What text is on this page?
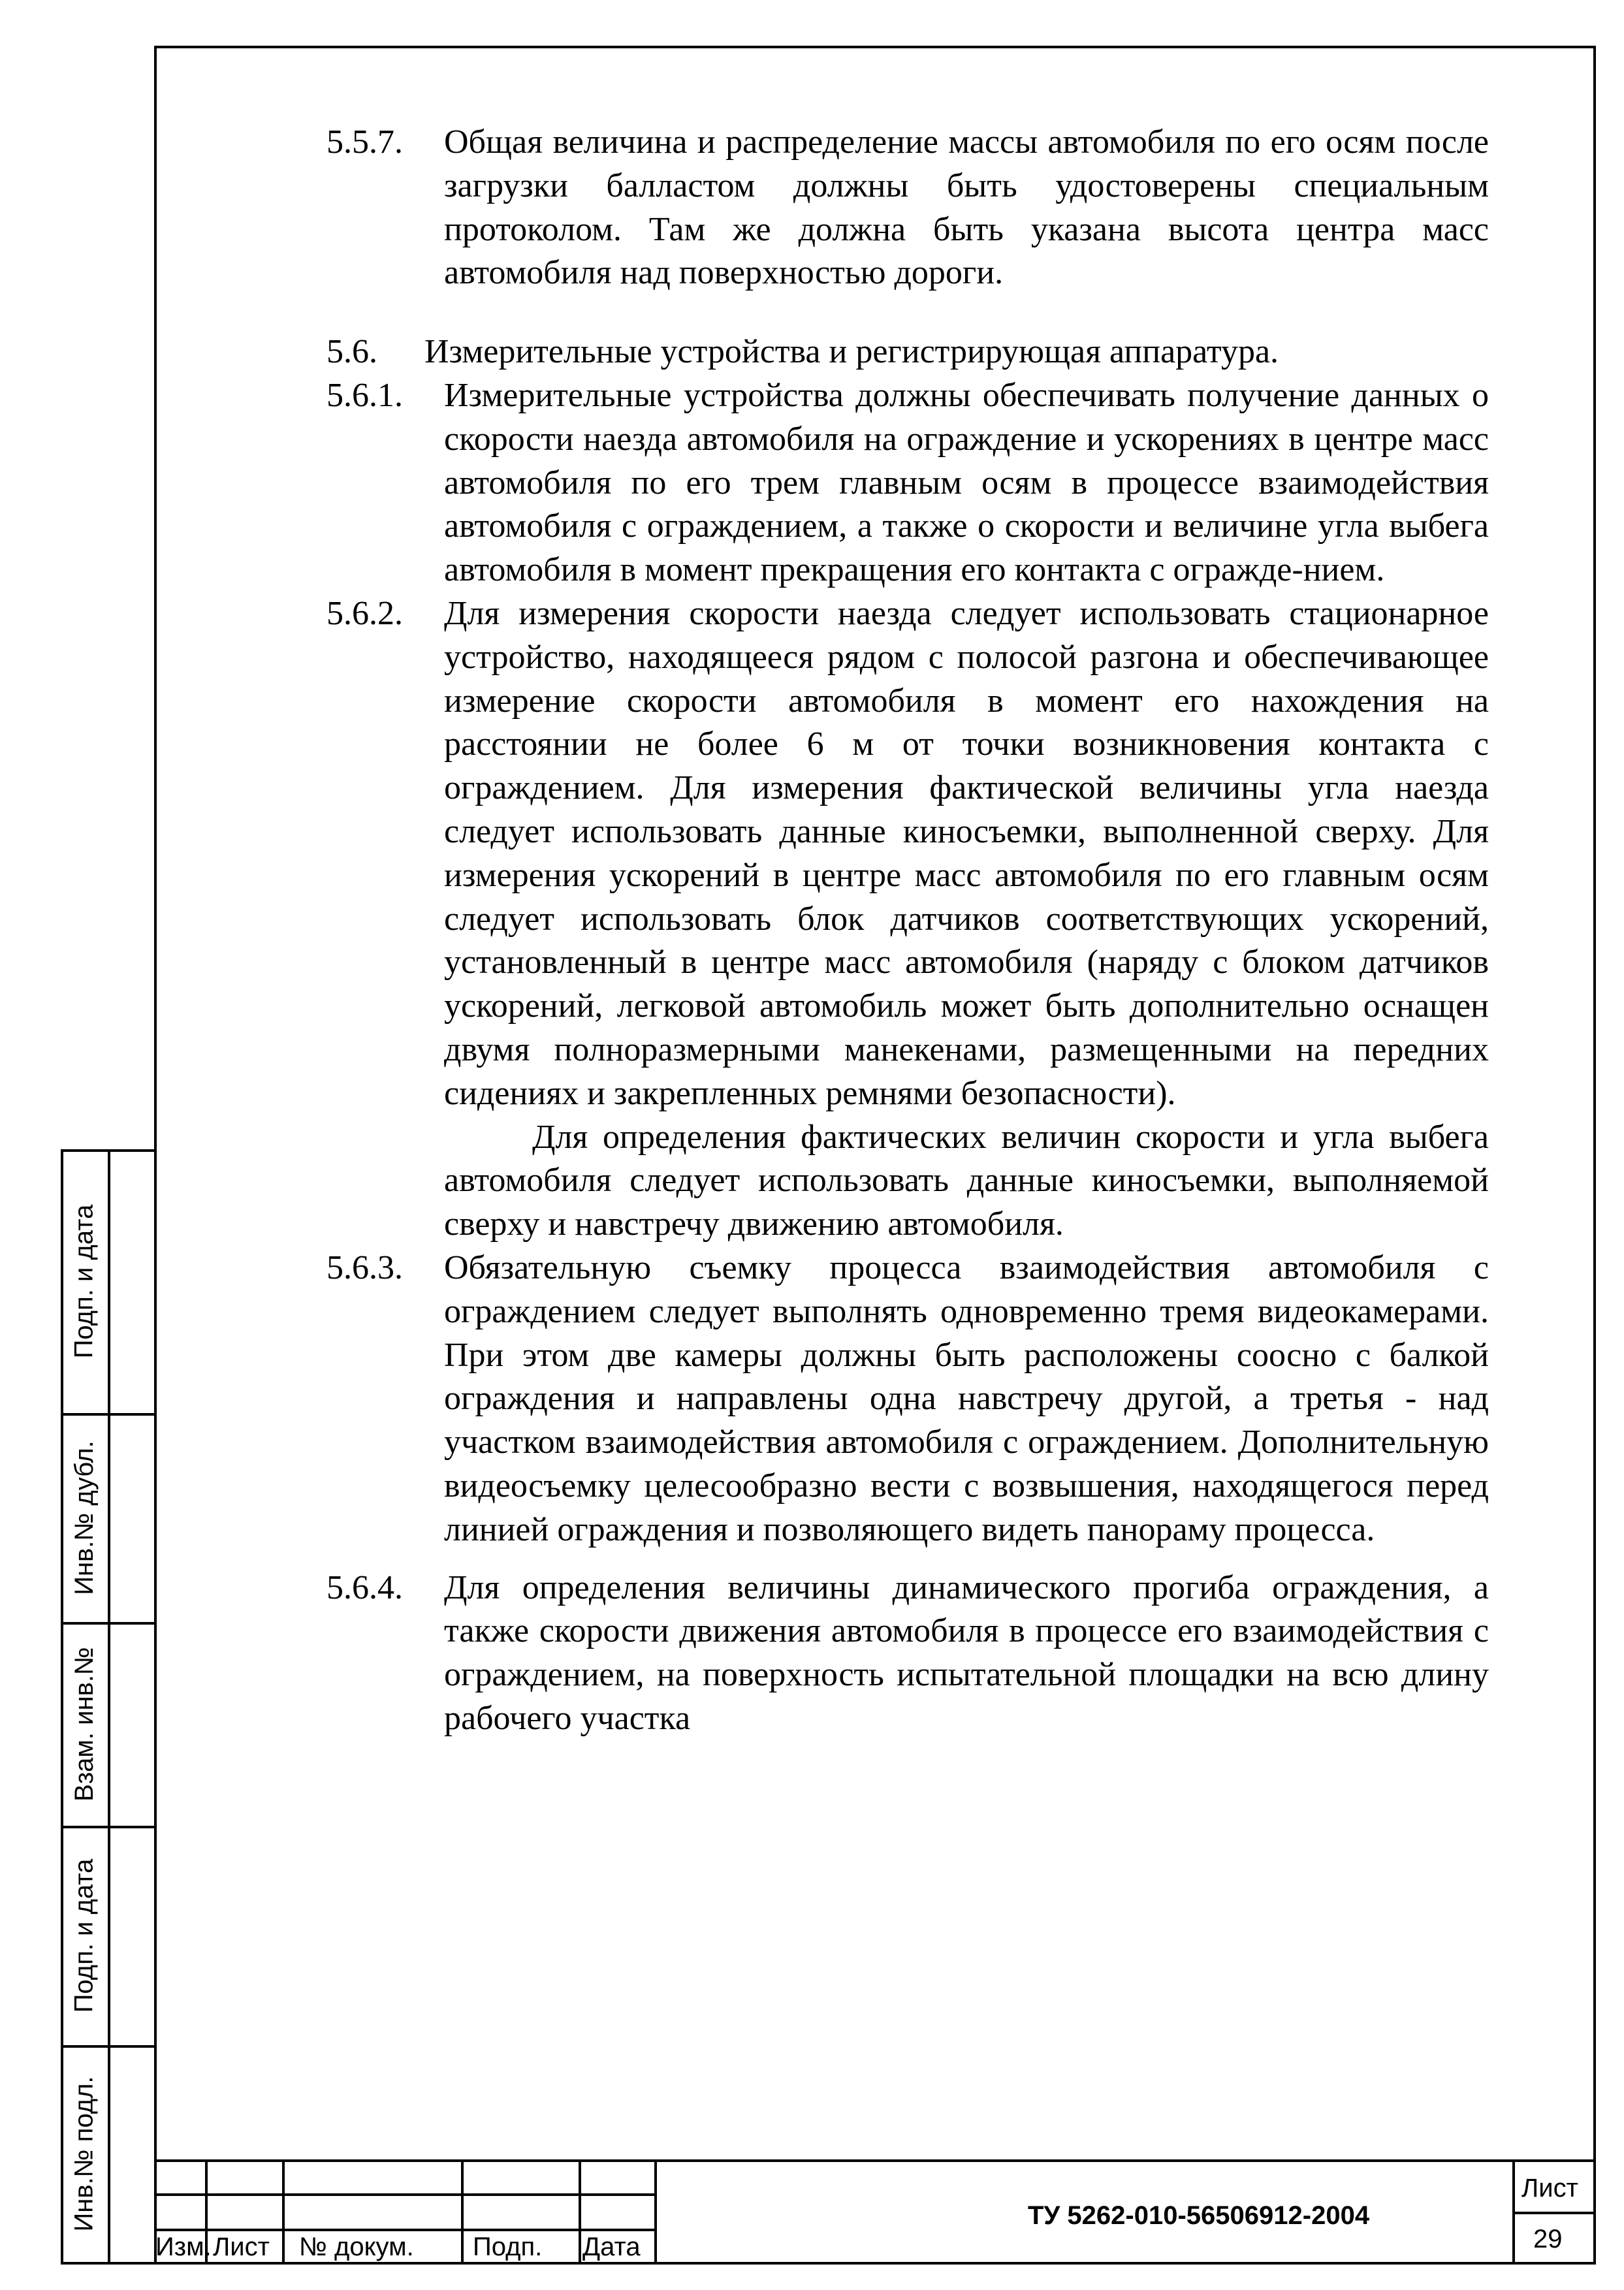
5.5.7. Общая величина и распределение массы автомобиля по его осям после загрузки балластом должны быть удостоверены специальным протоколом. Там же должна быть указана высота центра масс автомобиля над поверхностью дороги.
5.6. Измерительные устройства и регистрирующая аппаратура.
5.6.1. Измерительные устройства должны обеспечивать получение данных о скорости наезда автомобиля на ограждение и ускорениях в центре масс автомобиля по его трем главным осям в процессе взаимодействия автомобиля с ограждением, а также о скорости и величине угла выбега автомобиля в момент прекращения его контакта с огражде-нием.
5.6.2. Для измерения скорости наезда следует использовать стационарное устройство, находящееся рядом с полосой разгона и обеспечивающее измерение скорости автомобиля в момент его нахождения на расстоянии не более 6 м от точки возникновения контакта с ограждением. Для измерения фактической величины угла наезда следует использовать данные киносъемки, выполненной сверху. Для измерения ускорений в центре масс автомобиля по его главным осям следует использовать блок датчиков соответствующих ускорений, установленный в центре масс автомобиля (наряду с блоком датчиков ускорений, легковой автомобиль может быть дополнительно оснащен двумя полноразмерными манекенами, размещенными на передних сидениях и закрепленных ремнями безопасности).

Для определения фактических величин скорости и угла выбега автомобиля следует использовать данные киносъемки, выполняемой сверху и навстречу движению автомобиля.

5.6.3. Обязательную съемку процесса взаимодействия автомобиля с ограждением следует выполнять одновременно тремя видеокамерами. При этом две камеры должны быть расположены соосно с балкой ограждения и направлены одна навстречу другой, а третья - над участком взаимодействия автомобиля с ограждением. Дополнительную видеосъемку целесообразно вести с возвышения, находящегося перед линией ограждения и позволяющего видеть панораму процесса.
5.6.4. Для определения величины динамического прогиба ограждения, а также скорости движения автомобиля в процессе его взаимодействия с ограждением, на поверхность испытательной площадки на всю длину рабочего участка
Подп. и дата
Инв.№ дубл.
Взам. инв.№
Подп. и дата
Инв.№ подл.
Изм. Лист № докум. Подп. Дата
ТУ 5262-010-56506912-2004
Лист
29
